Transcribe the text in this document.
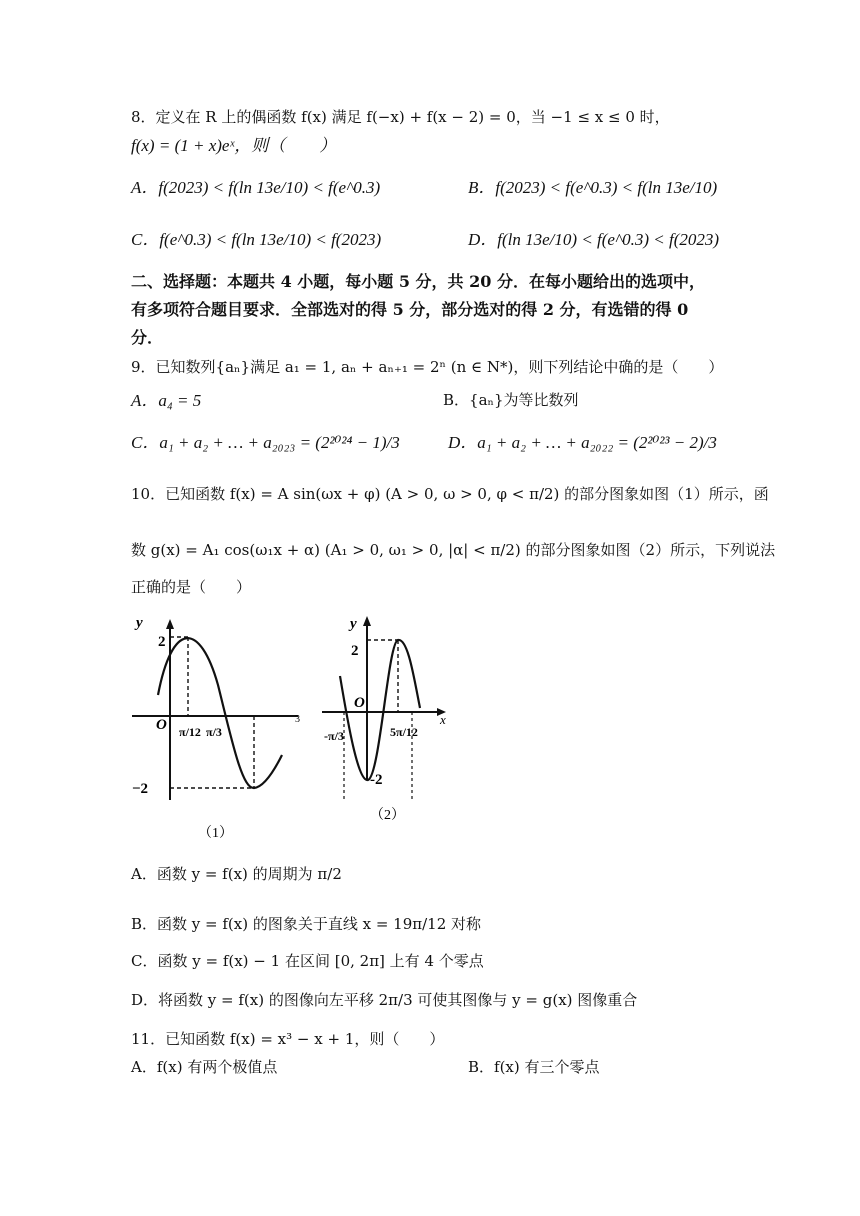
8．定义在 R 上的偶函数 f(x) 满足 f(−x) + f(x − 2) = 0，当 −1 ≤ x ≤ 0 时，
f(x) = (1 + x)eˣ，则（　　）
A．f(2023) < f(ln 13e/10) < f(e^0.3)	B．f(2023) < f(e^0.3) < f(ln 13e/10)
C．f(e^0.3) < f(ln 13e/10) < f(2023)	D．f(ln 13e/10) < f(e^0.3) < f(2023)
二、选择题：本题共 4 小题，每小题 5 分，共 20 分．在每小题给出的选项中，
有多项符合题目要求．全部选对的得 5 分，部分选对的得 2 分，有选错的得 0
分．
9．已知数列{aₙ}满足 a₁ = 1, aₙ + aₙ₊₁ = 2ⁿ (n ∈ N*)，则下列结论中确的是（　　）
A．a₄ = 5	B．{aₙ}为等比数列
C．a₁ + a₂ + … + a₂₀₂₃ = (2²⁰²⁴ − 1)/3	D．a₁ + a₂ + … + a₂₀₂₂ = (2²⁰²³ − 2)/3
10．已知函数 f(x) = A sin(ωx + φ) (A > 0, ω > 0, φ < π/2) 的部分图象如图（1）所示，函
数 g(x) = A₁ cos(ω₁x + α) (A₁ > 0, ω₁ > 0, |α| < π/2) 的部分图象如图（2）所示，下列说法
正确的是（　　）
y
2
−2
O π/12 π/3
3
（1）
y
x
2
-2
O
-π/3	5π/12
（2）
A．函数 y = f(x) 的周期为 π/2
B．函数 y = f(x) 的图象关于直线 x = 19π/12 对称
C．函数 y = f(x) − 1 在区间 [0, 2π] 上有 4 个零点
D．将函数 y = f(x) 的图像向左平移 2π/3 可使其图像与 y = g(x) 图像重合
11．已知函数 f(x) = x³ − x + 1，则（　　）
A．f(x) 有两个极值点	B．f(x) 有三个零点
